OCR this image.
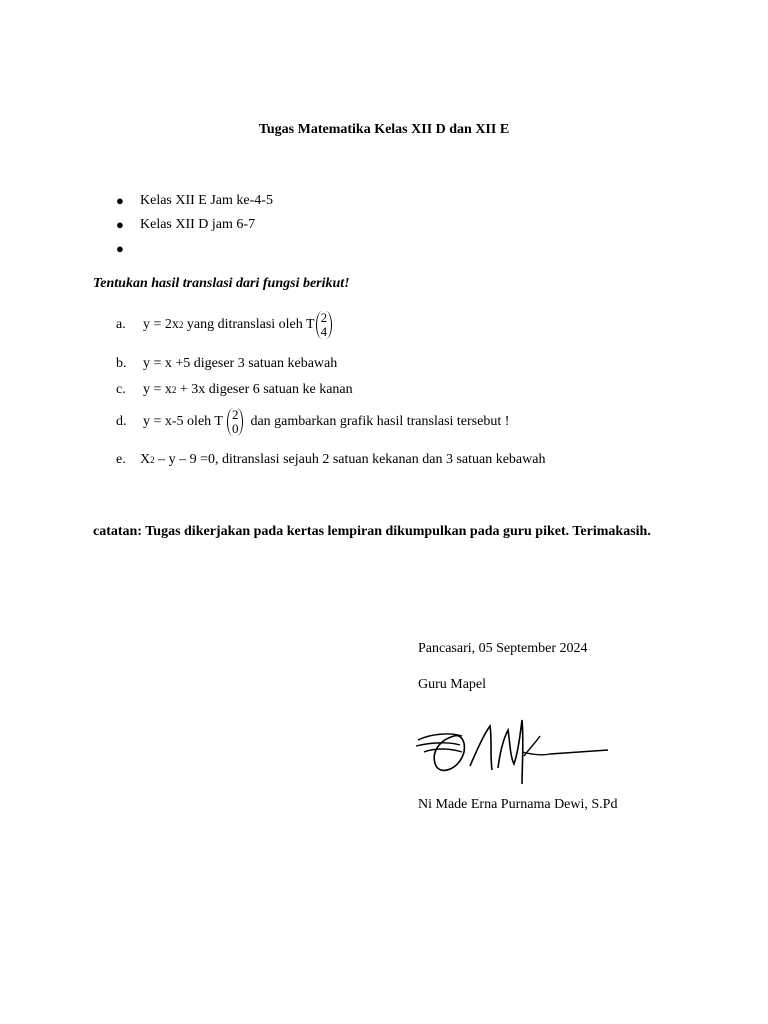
Tugas Matematika Kelas XII D dan XII E
●	Kelas XII E Jam ke-4-5
●	Kelas XII D jam 6-7
●
Tentukan hasil translasi dari fungsi berikut!
a.	y = 2x 2 yang ditranslasi oleh T 2
4
b.	y = x +5 digeser 3 satuan kebawah
c.	y = x 2 + 3x digeser 6 satuan ke kanan
d.	y = x-5 oleh T 2
0 dan gambarkan grafik hasil translasi tersebut !
e.	X 2 – y – 9 =0, ditranslasi sejauh 2 satuan kekanan dan 3 satuan kebawah
catatan: Tugas dikerjakan pada kertas lempiran dikumpulkan pada guru piket. Terimakasih.
Pancasari, 05 September 2024
Guru Mapel
Ni Made Erna Purnama Dewi, S.Pd
